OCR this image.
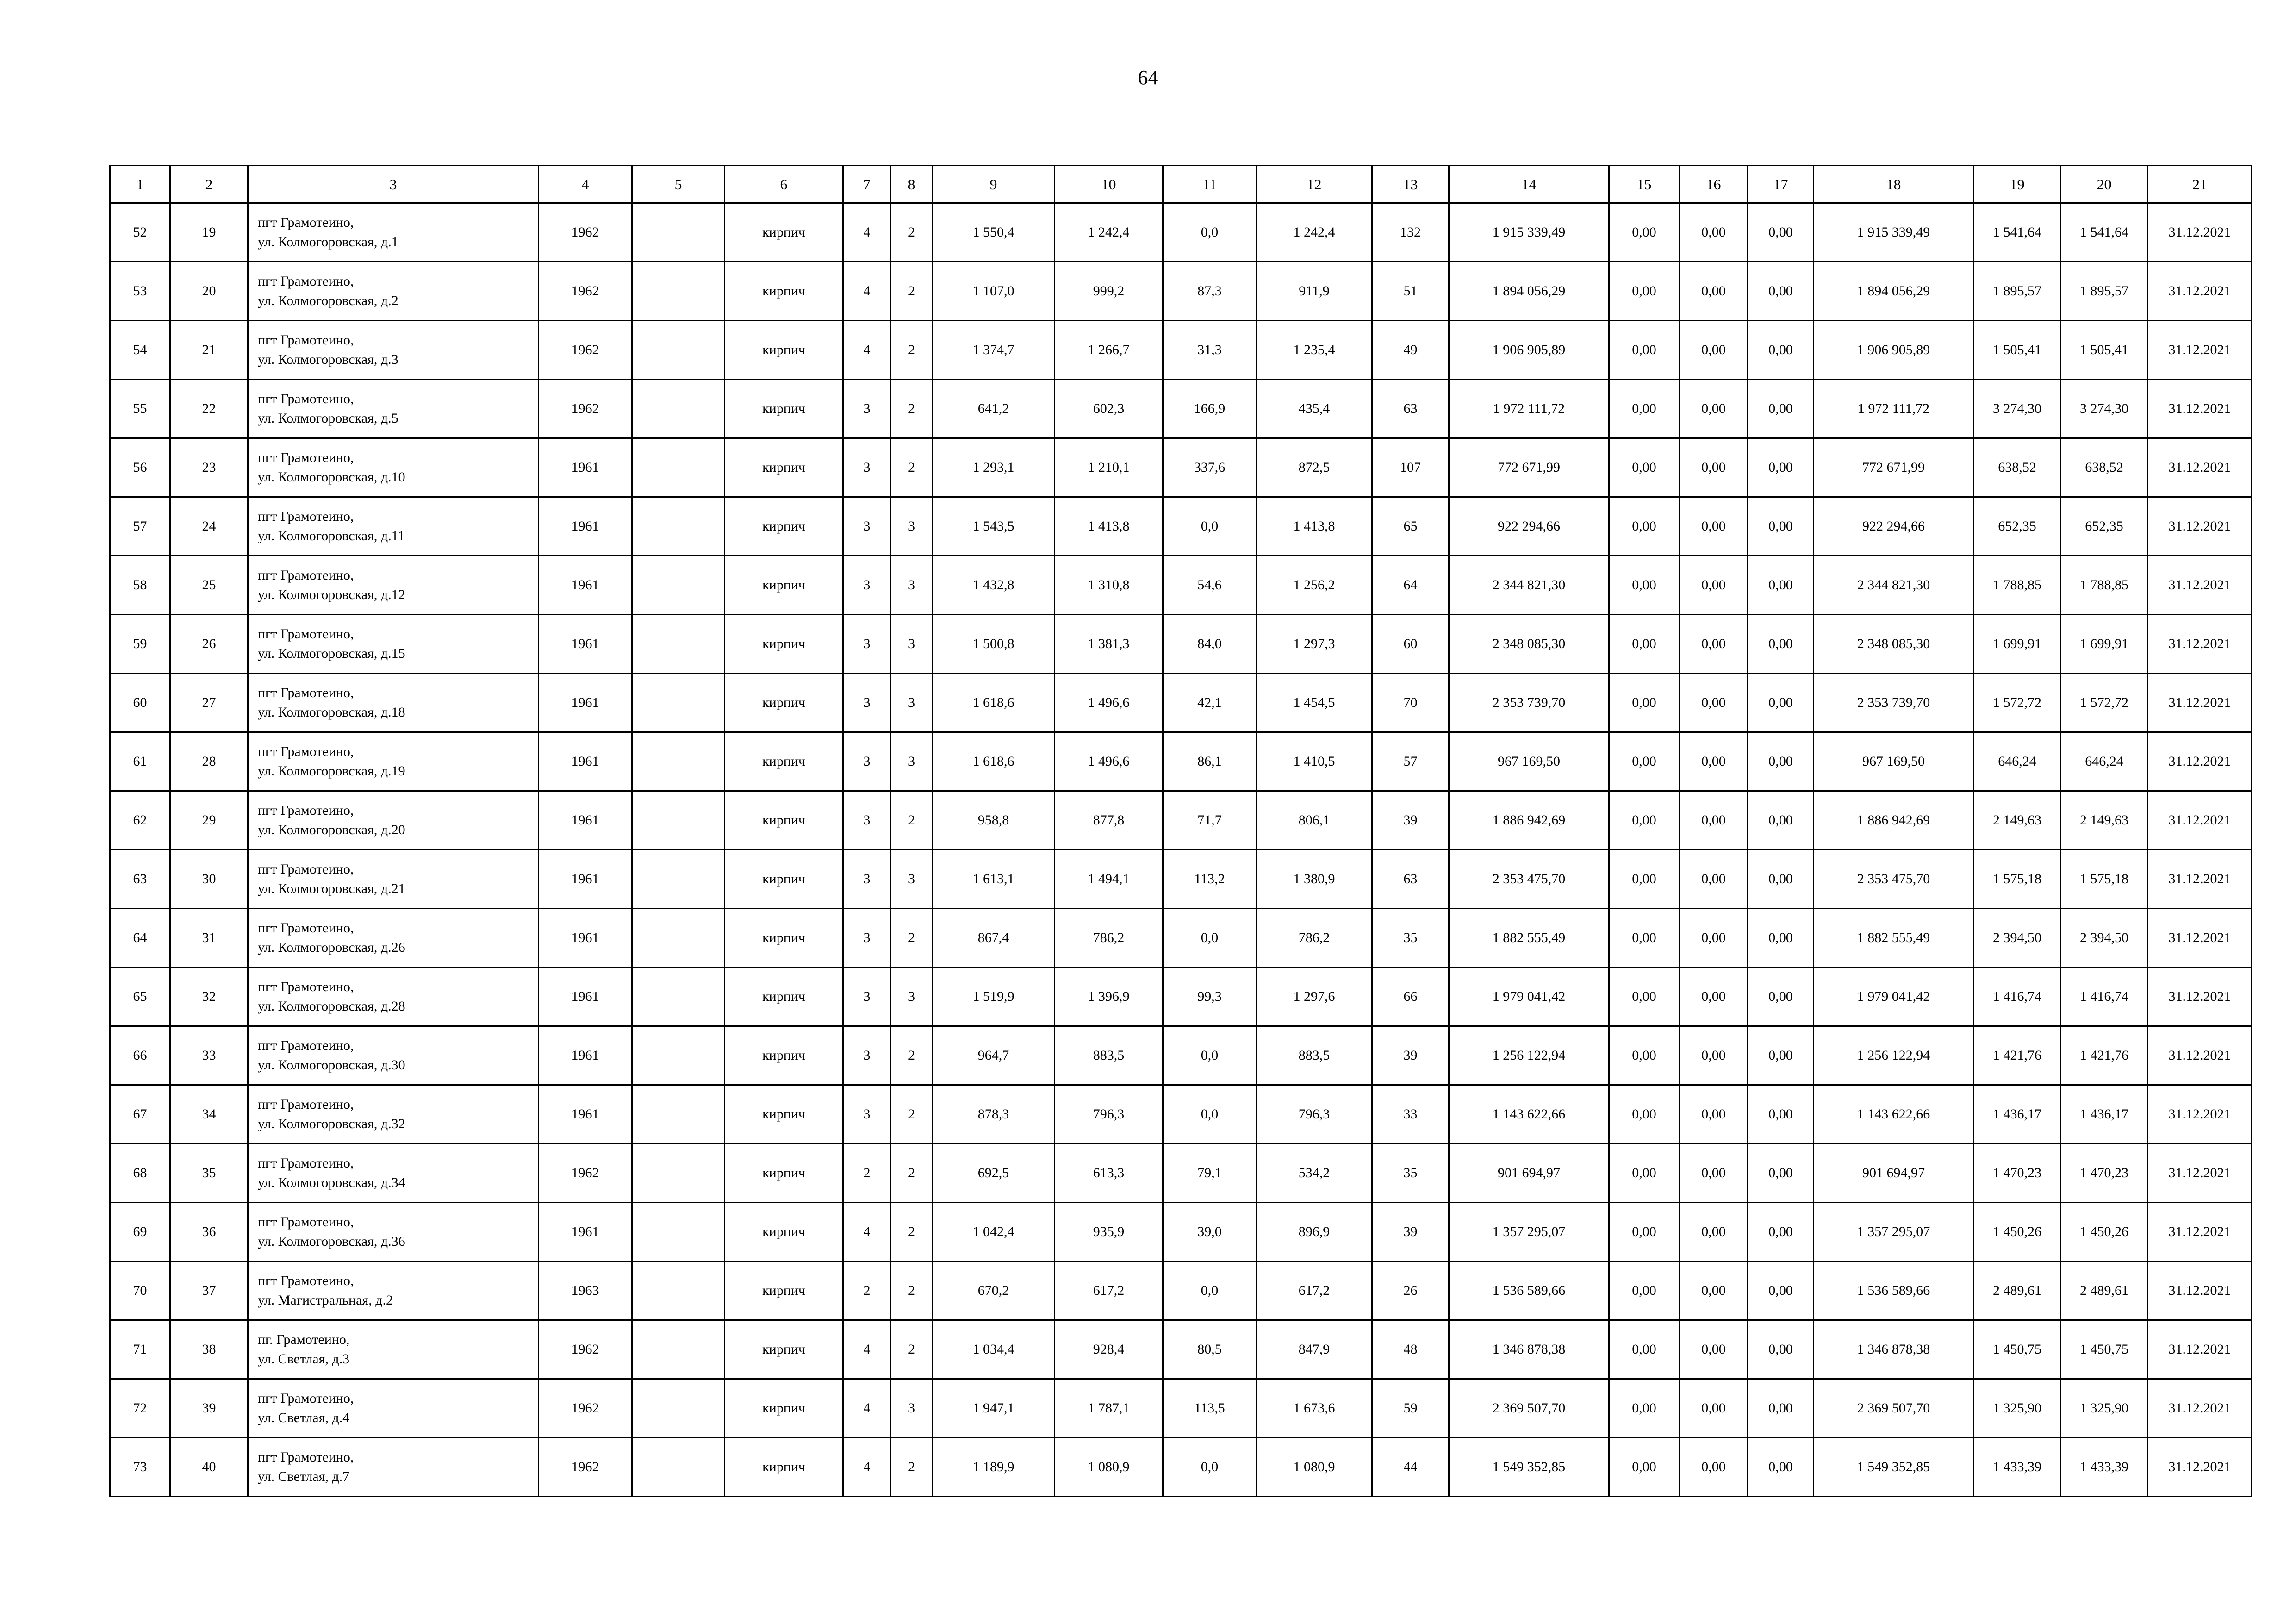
64
1	2	3	4	5	6	7	8	9	10	11	12	13	14	15	16	17	18	19	20	21
52	19	пгт Грамотеино,
ул. Колмогоровская, д.1	1962		кирпич	4	2	1 550,4	1 242,4	0,0	1 242,4	132	1 915 339,49	0,00	0,00	0,00	1 915 339,49	1 541,64	1 541,64	31.12.2021
53	20	пгт Грамотеино,
ул. Колмогоровская, д.2	1962		кирпич	4	2	1 107,0	999,2	87,3	911,9	51	1 894 056,29	0,00	0,00	0,00	1 894 056,29	1 895,57	1 895,57	31.12.2021
54	21	пгт Грамотеино,
ул. Колмогоровская, д.3	1962		кирпич	4	2	1 374,7	1 266,7	31,3	1 235,4	49	1 906 905,89	0,00	0,00	0,00	1 906 905,89	1 505,41	1 505,41	31.12.2021
55	22	пгт Грамотеино,
ул. Колмогоровская, д.5	1962		кирпич	3	2	641,2	602,3	166,9	435,4	63	1 972 111,72	0,00	0,00	0,00	1 972 111,72	3 274,30	3 274,30	31.12.2021
56	23	пгт Грамотеино,
ул. Колмогоровская, д.10	1961		кирпич	3	2	1 293,1	1 210,1	337,6	872,5	107	772 671,99	0,00	0,00	0,00	772 671,99	638,52	638,52	31.12.2021
57	24	пгт Грамотеино,
ул. Колмогоровская, д.11	1961		кирпич	3	3	1 543,5	1 413,8	0,0	1 413,8	65	922 294,66	0,00	0,00	0,00	922 294,66	652,35	652,35	31.12.2021
58	25	пгт Грамотеино,
ул. Колмогоровская, д.12	1961		кирпич	3	3	1 432,8	1 310,8	54,6	1 256,2	64	2 344 821,30	0,00	0,00	0,00	2 344 821,30	1 788,85	1 788,85	31.12.2021
59	26	пгт Грамотеино,
ул. Колмогоровская, д.15	1961		кирпич	3	3	1 500,8	1 381,3	84,0	1 297,3	60	2 348 085,30	0,00	0,00	0,00	2 348 085,30	1 699,91	1 699,91	31.12.2021
60	27	пгт Грамотеино,
ул. Колмогоровская, д.18	1961		кирпич	3	3	1 618,6	1 496,6	42,1	1 454,5	70	2 353 739,70	0,00	0,00	0,00	2 353 739,70	1 572,72	1 572,72	31.12.2021
61	28	пгт Грамотеино,
ул. Колмогоровская, д.19	1961		кирпич	3	3	1 618,6	1 496,6	86,1	1 410,5	57	967 169,50	0,00	0,00	0,00	967 169,50	646,24	646,24	31.12.2021
62	29	пгт Грамотеино,
ул. Колмогоровская, д.20	1961		кирпич	3	2	958,8	877,8	71,7	806,1	39	1 886 942,69	0,00	0,00	0,00	1 886 942,69	2 149,63	2 149,63	31.12.2021
63	30	пгт Грамотеино,
ул. Колмогоровская, д.21	1961		кирпич	3	3	1 613,1	1 494,1	113,2	1 380,9	63	2 353 475,70	0,00	0,00	0,00	2 353 475,70	1 575,18	1 575,18	31.12.2021
64	31	пгт Грамотеино,
ул. Колмогоровская, д.26	1961		кирпич	3	2	867,4	786,2	0,0	786,2	35	1 882 555,49	0,00	0,00	0,00	1 882 555,49	2 394,50	2 394,50	31.12.2021
65	32	пгт Грамотеино,
ул. Колмогоровская, д.28	1961		кирпич	3	3	1 519,9	1 396,9	99,3	1 297,6	66	1 979 041,42	0,00	0,00	0,00	1 979 041,42	1 416,74	1 416,74	31.12.2021
66	33	пгт Грамотеино,
ул. Колмогоровская, д.30	1961		кирпич	3	2	964,7	883,5	0,0	883,5	39	1 256 122,94	0,00	0,00	0,00	1 256 122,94	1 421,76	1 421,76	31.12.2021
67	34	пгт Грамотеино,
ул. Колмогоровская, д.32	1961		кирпич	3	2	878,3	796,3	0,0	796,3	33	1 143 622,66	0,00	0,00	0,00	1 143 622,66	1 436,17	1 436,17	31.12.2021
68	35	пгт Грамотеино,
ул. Колмогоровская, д.34	1962		кирпич	2	2	692,5	613,3	79,1	534,2	35	901 694,97	0,00	0,00	0,00	901 694,97	1 470,23	1 470,23	31.12.2021
69	36	пгт Грамотеино,
ул. Колмогоровская, д.36	1961		кирпич	4	2	1 042,4	935,9	39,0	896,9	39	1 357 295,07	0,00	0,00	0,00	1 357 295,07	1 450,26	1 450,26	31.12.2021
70	37	пгт Грамотеино,
ул. Магистральная, д.2	1963		кирпич	2	2	670,2	617,2	0,0	617,2	26	1 536 589,66	0,00	0,00	0,00	1 536 589,66	2 489,61	2 489,61	31.12.2021
71	38	пг. Грамотеино,
ул. Светлая, д.3	1962		кирпич	4	2	1 034,4	928,4	80,5	847,9	48	1 346 878,38	0,00	0,00	0,00	1 346 878,38	1 450,75	1 450,75	31.12.2021
72	39	пгт Грамотеино,
ул. Светлая, д.4	1962		кирпич	4	3	1 947,1	1 787,1	113,5	1 673,6	59	2 369 507,70	0,00	0,00	0,00	2 369 507,70	1 325,90	1 325,90	31.12.2021
73	40	пгт Грамотеино,
ул. Светлая, д.7	1962		кирпич	4	2	1 189,9	1 080,9	0,0	1 080,9	44	1 549 352,85	0,00	0,00	0,00	1 549 352,85	1 433,39	1 433,39	31.12.2021
